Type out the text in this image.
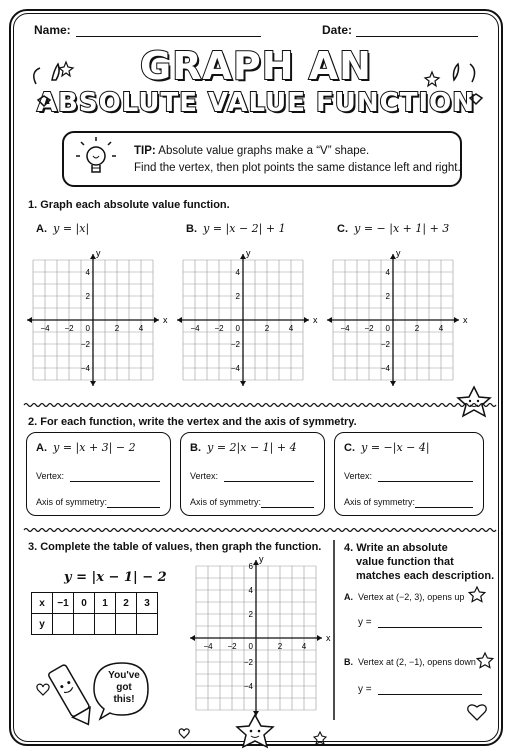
Name:	Date:
GRAPH AN
ABSOLUTE VALUE FUNCTION
TIP: Absolute value graphs make a “V” shape.
Find the vertex, then plot points the same distance left and right.
1. Graph each absolute value function.
A. y = |x|	B. y = |x − 2| + 1	C. y = − |x + 1| + 3
−4 −2	2 4
0
4
2
−2
−4
x
y
−4 −2	2 4
0
4
2
−2
−4
x
y
−4 −2	2 4
0
4
2
−2
−4
x
y
2. For each function, write the vertex and the axis of symmetry.
A. y = |x + 3| − 2	B. y = 2|x − 1| + 4	C. y = −|x − 4|
Vertex:
Axis of symmetry:
Vertex:
Axis of symmetry:
Vertex:
Axis of symmetry:
3. Complete the table of values, then graph the function.
y = |x − 1| − 2
x	−1	0	1	2	3
y					
−4 −2	2 4
0
6
4
2
−2
−4
x
y
You've
got
this!
4. Write an absolute
value function that
matches each description.
A. Vertex at (−2, 3), opens up
y =
B. Vertex at (2, −1), opens down
y =
